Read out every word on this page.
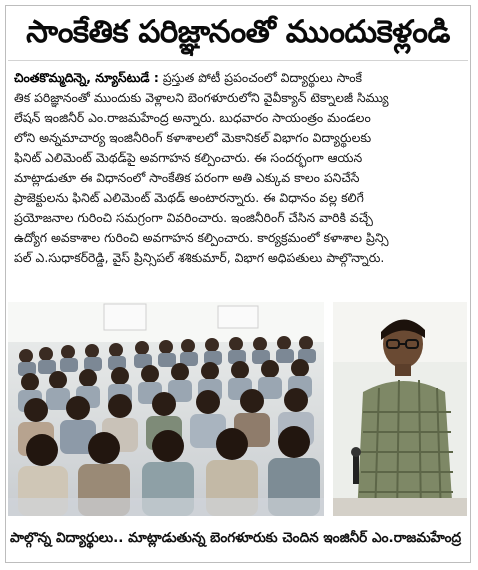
సాంకేతిక పరిజ్ఞానంతో ముందుకెళ్లండి
చింతకొమ్మదిన్నె, న్యూస్‌టుడే : ప్రస్తుత పోటీ ప్రపంచంలో విద్యార్థులు సాంకే
తిక పరిజ్ఞానంతో ముందుకు వెళ్లాలని బెంగళూరులోని వైవీక్యాన్ టెక్నాలజీ సిమ్యు
లేషన్ ఇంజినీర్ ఎం.రాజమహేంద్ర అన్నారు. బుధవారం సాయంత్రం మండలం
లోని అన్నమాచార్య ఇంజినీరింగ్ కళాశాలలో మెకానికల్ విభాగం విద్యార్థులకు
ఫినిట్ ఎలిమెంట్ మెథడ్‌పై అవగాహన కల్పించారు. ఈ సందర్భంగా ఆయన
మాట్లాడుతూ ఈ విధానంలో సాంకేతిక పరంగా అతి ఎక్కువ కాలం పనిచేసే
ప్రాజెక్టులను ఫినిట్ ఎలిమెంట్ మెథడ్ అంటారన్నారు. ఈ విధానం వల్ల కలిగే
ప్రయోజనాల గురించి సమగ్రంగా వివరించారు. ఇంజినీరింగ్ చేసిన వారికి వచ్చే
ఉద్యోగ అవకాశాల గురించి అవగాహన కల్పించారు. కార్యక్రమంలో కళాశాల ప్రిన్సి
పల్ ఎ.సుధాకర్‌రెడ్డి, వైస్ ప్రిన్సిపల్ శశికుమార్, విభాగ అధిపతులు పాల్గొన్నారు.
పాల్గొన్న విద్యార్థులు.. మాట్లాడుతున్న బెంగళూరుకు చెందిన ఇంజినీర్ ఎం.రాజమహేంద్ర
